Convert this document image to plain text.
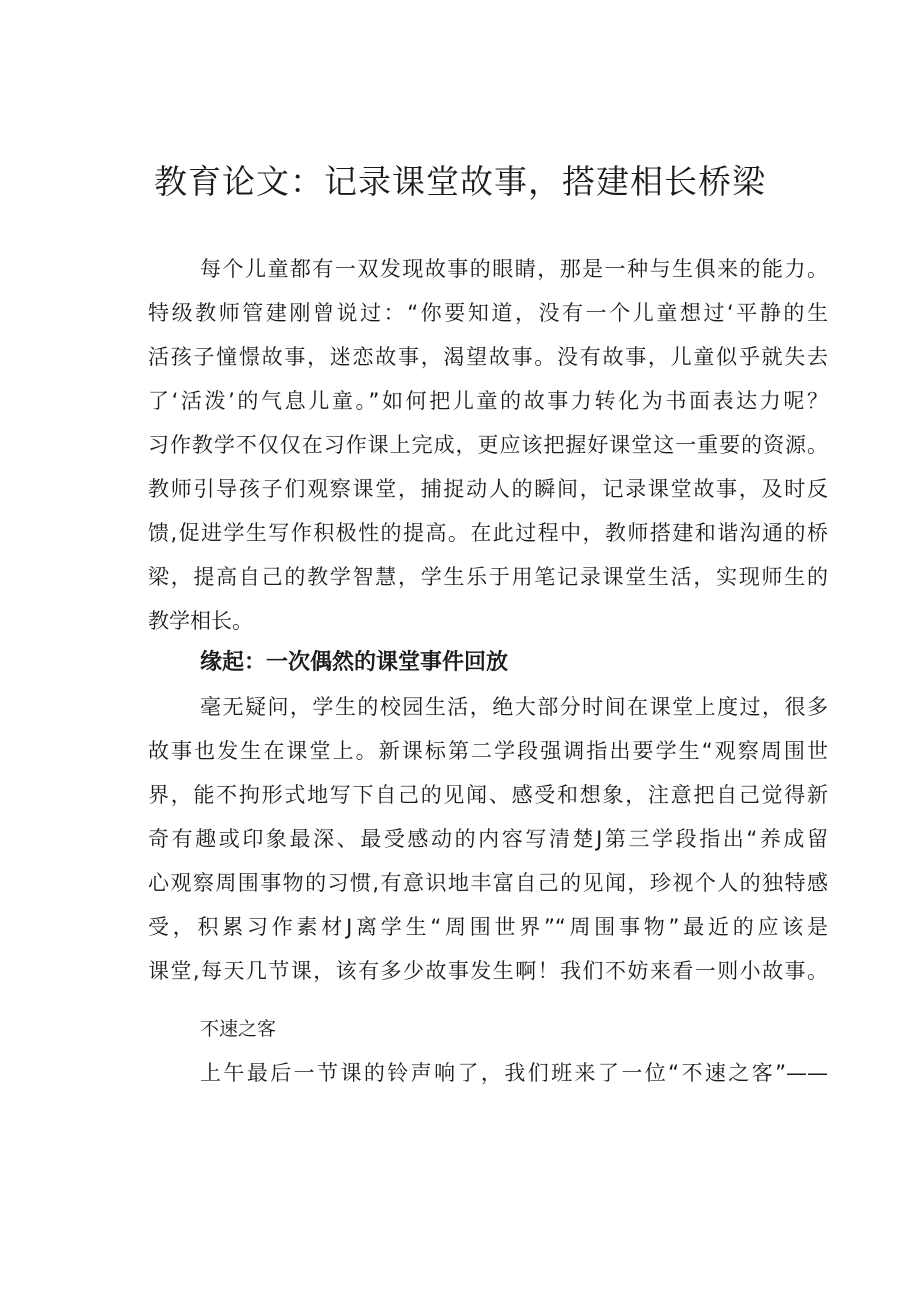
教育论文：记录课堂故事，搭建相长桥梁

每个儿童都有一双发现故事的眼睛，那是一种与生俱来的能力。

特级教师管建刚曾说过：“你要知道，没有一个儿童想过‘平静的生

活孩子憧憬故事，迷恋故事，渴望故事。没有故事，儿童似乎就失去

了‘活泼’的气息儿童。”如何把儿童的故事力转化为书面表达力呢？

习作教学不仅仅在习作课上完成，更应该把握好课堂这一重要的资源。

教师引导孩子们观察课堂，捕捉动人的瞬间，记录课堂故事，及时反

馈,促进学生写作积极性的提高。在此过程中，教师搭建和谐沟通的桥

梁，提高自己的教学智慧，学生乐于用笔记录课堂生活，实现师生的

教学相长。

缘起：一次偶然的课堂事件回放

毫无疑问，学生的校园生活，绝大部分时间在课堂上度过，很多

故事也发生在课堂上。新课标第二学段强调指出要学生“观察周围世

界，能不拘形式地写下自己的见闻、感受和想象，注意把自己觉得新

奇有趣或印象最深、最受感动的内容写清楚J第三学段指出“养成留

心观察周围事物的习惯,有意识地丰富自己的见闻，珍视个人的独特感

受，积累习作素材J离学生“周围世界”“周围事物”最近的应该是

课堂,每天几节课，该有多少故事发生啊！我们不妨来看一则小故事。

不速之客

上午最后一节课的铃声响了，我们班来了一位“不速之客”——
